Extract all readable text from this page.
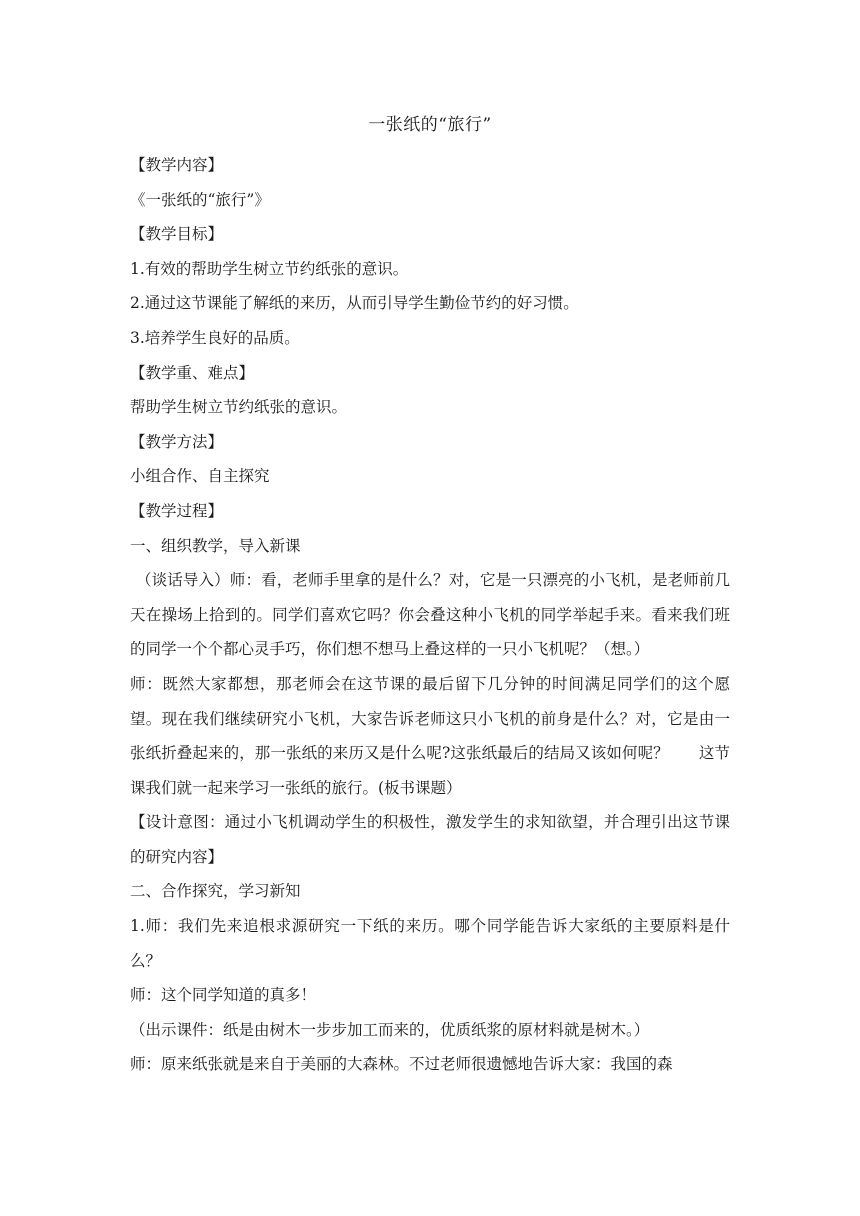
一张纸的“旅行”
【教学内容】
《一张纸的“旅行”》
【教学目标】
1.有效的帮助学生树立节约纸张的意识。
2.通过这节课能了解纸的来历，从而引导学生勤俭节约的好习惯。
3.培养学生良好的品质。
【教学重、难点】
帮助学生树立节约纸张的意识。
【教学方法】
小组合作、自主探究
【教学过程】
一、组织教学，导入新课
（谈话导入）师：看，老师手里拿的是什么？对，它是一只漂亮的小飞机，是老师前几天在操场上拾到的。同学们喜欢它吗？你会叠这种小飞机的同学举起手来。看来我们班的同学一个个都心灵手巧，你们想不想马上叠这样的一只小飞机呢？（想。）
师：既然大家都想，那老师会在这节课的最后留下几分钟的时间满足同学们的这个愿望。现在我们继续研究小飞机，大家告诉老师这只小飞机的前身是什么？对，它是由一张纸折叠起来的，那一张纸的来历又是什么呢?这张纸最后的结局又该如何呢？ 这节课我们就一起来学习一张纸的旅行。(板书课题）
【设计意图：通过小飞机调动学生的积极性，激发学生的求知欲望，并合理引出这节课的研究内容】
二、合作探究，学习新知
1.师：我们先来追根求源研究一下纸的来历。哪个同学能告诉大家纸的主要原料是什么？
师：这个同学知道的真多！
（出示课件：纸是由树木一步步加工而来的，优质纸浆的原材料就是树木。）
师：原来纸张就是来自于美丽的大森林。不过老师很遗憾地告诉大家：我国的森
